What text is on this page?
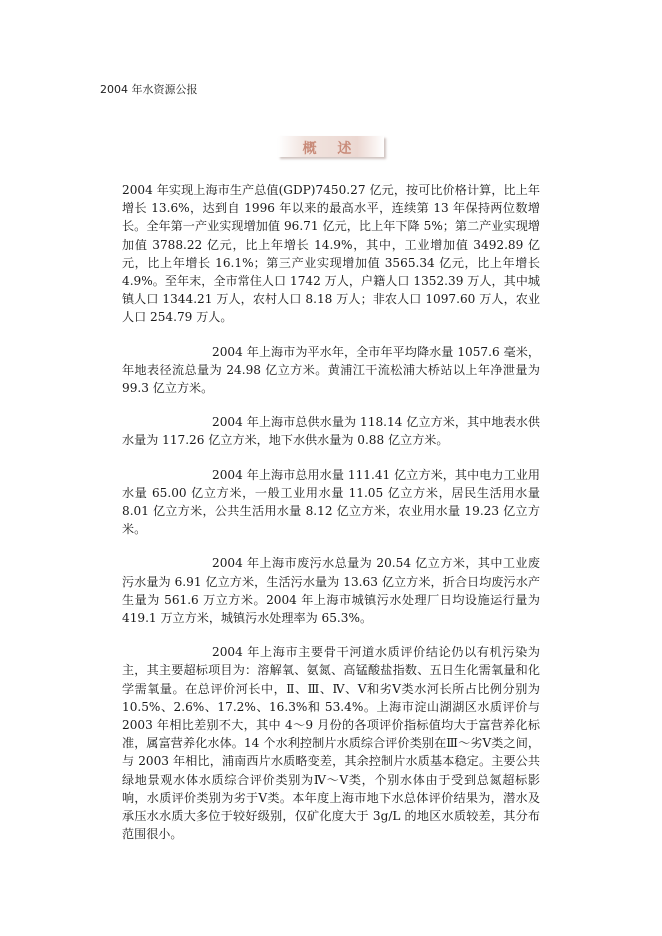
2004 年水资源公报
概 述

2004 年实现上海市生产总值(GDP)7450.27 亿元，按可比价格计算，比上年增长 13.6%，达到自 1996 年以来的最高水平，连续第 13 年保持两位数增长。全年第一产业实现增加值 96.71 亿元，比上年下降 5%；第二产业实现增加值 3788.22 亿元，比上年增长 14.9%，其中，工业增加值 3492.89 亿元，比上年增长 16.1%；第三产业实现增加值 3565.34 亿元，比上年增长 4.9%。至年末，全市常住人口 1742 万人，户籍人口 1352.39 万人，其中城镇人口 1344.21 万人，农村人口 8.18 万人；非农人口 1097.60 万人，农业人口 254.79 万人。

2004 年上海市为平水年，全市年平均降水量 1057.6 毫米，年地表径流总量为 24.98 亿立方米。黄浦江干流松浦大桥站以上年净泄量为 99.3 亿立方米。

2004 年上海市总供水量为 118.14 亿立方米，其中地表水供水量为 117.26 亿立方米，地下水供水量为 0.88 亿立方米。

2004 年上海市总用水量 111.41 亿立方米，其中电力工业用水量 65.00 亿立方米，一般工业用水量 11.05 亿立方米，居民生活用水量 8.01 亿立方米，公共生活用水量 8.12 亿立方米，农业用水量 19.23 亿立方米。

2004 年上海市废污水总量为 20.54 亿立方米，其中工业废污水量为 6.91 亿立方米，生活污水量为 13.63 亿立方米，折合日均废污水产生量为 561.6 万立方米。2004 年上海市城镇污水处理厂日均设施运行量为 419.1 万立方米，城镇污水处理率为 65.3%。

2004 年上海市主要骨干河道水质评价结论仍以有机污染为主，其主要超标项目为：溶解氧、氨氮、高锰酸盐指数、五日生化需氧量和化学需氧量。在总评价河长中，Ⅱ、Ⅲ、Ⅳ、Ⅴ和劣Ⅴ类水河长所占比例分别为 10.5%、2.6%、17.2%、16.3%和 53.4%。上海市淀山湖湖区水质评价与 2003 年相比差别不大，其中 4～9 月份的各项评价指标值均大于富营养化标准，属富营养化水体。14 个水利控制片水质综合评价类别在Ⅲ～劣Ⅴ类之间，与 2003 年相比，浦南西片水质略变差，其余控制片水质基本稳定。主要公共绿地景观水体水质综合评价类别为Ⅳ～Ⅴ类，个别水体由于受到总氮超标影响，水质评价类别为劣于Ⅴ类。本年度上海市地下水总体评价结果为，潜水及承压水水质大多位于较好级别，仅矿化度大于 3g/L 的地区水质较差，其分布范围很小。
